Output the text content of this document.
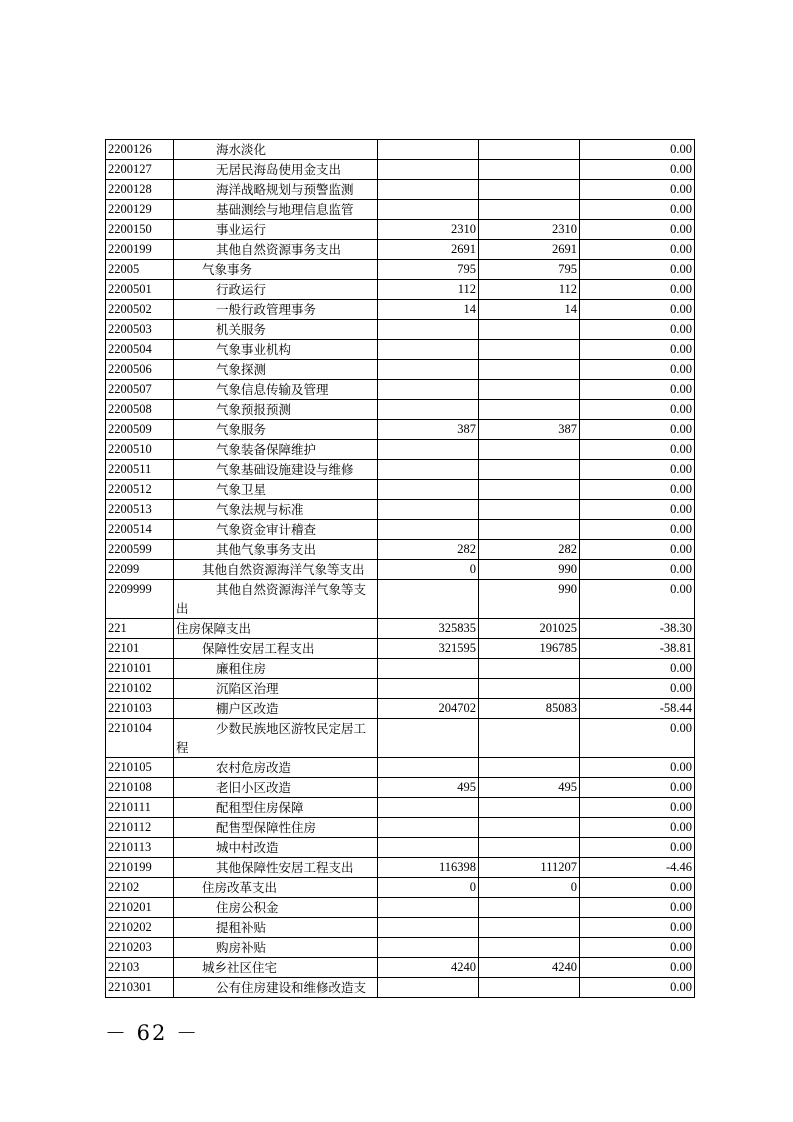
2200126	海水淡化			0.00
2200127	无居民海岛使用金支出			0.00
2200128	海洋战略规划与预警监测			0.00
2200129	基础测绘与地理信息监管			0.00
2200150	事业运行	2310	2310	0.00
2200199	其他自然资源事务支出	2691	2691	0.00
22005	气象事务	795	795	0.00
2200501	行政运行	112	112	0.00
2200502	一般行政管理事务	14	14	0.00
2200503	机关服务			0.00
2200504	气象事业机构			0.00
2200506	气象探测			0.00
2200507	气象信息传输及管理			0.00
2200508	气象预报预测			0.00
2200509	气象服务	387	387	0.00
2200510	气象装备保障维护			0.00
2200511	气象基础设施建设与维修			0.00
2200512	气象卫星			0.00
2200513	气象法规与标准			0.00
2200514	气象资金审计稽查			0.00
2200599	其他气象事务支出	282	282	0.00
22099	其他自然资源海洋气象等支出	0	990	0.00
2209999	其他自然资源海洋气象等支出		990	0.00
221	住房保障支出	325835	201025	-38.30
22101	保障性安居工程支出	321595	196785	-38.81
2210101	廉租住房			0.00
2210102	沉陷区治理			0.00
2210103	棚户区改造	204702	85083	-58.44
2210104	少数民族地区游牧民定居工程			0.00
2210105	农村危房改造			0.00
2210108	老旧小区改造	495	495	0.00
2210111	配租型住房保障			0.00
2210112	配售型保障性住房			0.00
2210113	城中村改造			0.00
2210199	其他保障性安居工程支出	116398	111207	-4.46
22102	住房改革支出	0	0	0.00
2210201	住房公积金			0.00
2210202	提租补贴			0.00
2210203	购房补贴			0.00
22103	城乡社区住宅	4240	4240	0.00
2210301	公有住房建设和维修改造支			0.00
－ 62 －
